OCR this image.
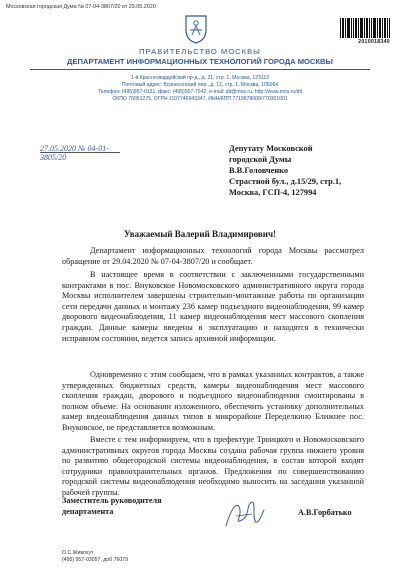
Московская городская Дума № 07-04-3807/20 от 29.05.2020
2010018340
ПРАВИТЕЛЬСТВО МОСКВЫ
ДЕПАРТАМЕНТ ИНФОРМАЦИОННЫХ ТЕХНОЛОГИЙ ГОРОДА МОСКВЫ
1-й Красногвардейский пр-д., д. 21, стр. 1, Москва, 123112
Почтовый адрес: Вознесенский пер., д. 12, стр. 1, Москва, 105064
Телефон: (495)957-0131, факс: (495)957-7542, e-mail: dit@mos.ru, http://www.mos.ru/dit
ОКПО 70051275, ОГРН 1107746943347, ИНН/КПП 7710878000/770301001
27.05.2020 № 04-01-3805/20
Депутату Московской
городской Думы
В.В.Головченко
Страстной бул., д.15/29, стр.1,
Москва, ГСП-4, 127994
Уважаемый Валерий Владимирович!
Департамент информационных технологий города Москвы рассмотрел обращение от 29.04.2020 № 07-04-3807/20 и сообщает.
В настоящее время в соответствии с заключенными государственными контрактами в пос. Внуковское Новомосковского административного округа города Москвы исполнителем завершены строительно-монтажные работы по организации сети передачи данных и монтажу 236 камер подъездного видеонаблюдения, 99 камер дворового видеонаблюдения, 11 камер видеонаблюдения мест массового скопления граждан. Данные камеры введены в эксплуатацию и находятся в технически исправном состоянии, ведется запись архивной информации.
Одновременно с этим сообщаем, что в рамках указанных контрактов, а также утвержденных бюджетных средств, камеры видеонаблюдения мест массового скопления граждан, дворового и подъездного видеонаблюдения смонтированы в полном объеме. На основании изложенного, обеспечить установку дополнительных камер видеонаблюдения данных типов в микрорайоне Переделкино Ближнее пос. Внуковское, не представляется возможным.
Вместе с тем информируем, что в префектуре Троицкого и Новомосковского административных округов города Москвы создана рабочая группа нижнего уровня по развитию общегородской системы видеонаблюдения, в состав которой входят сотрудники правоохранительных органов. Предложения по совершенствованию городской системы видеонаблюдения необходимо выносить на заседания указанной рабочей группы.
Заместитель руководителя
департамента	А.В.Горбатько
О.С.Живохут
(495) 957-03057, доб 76079
